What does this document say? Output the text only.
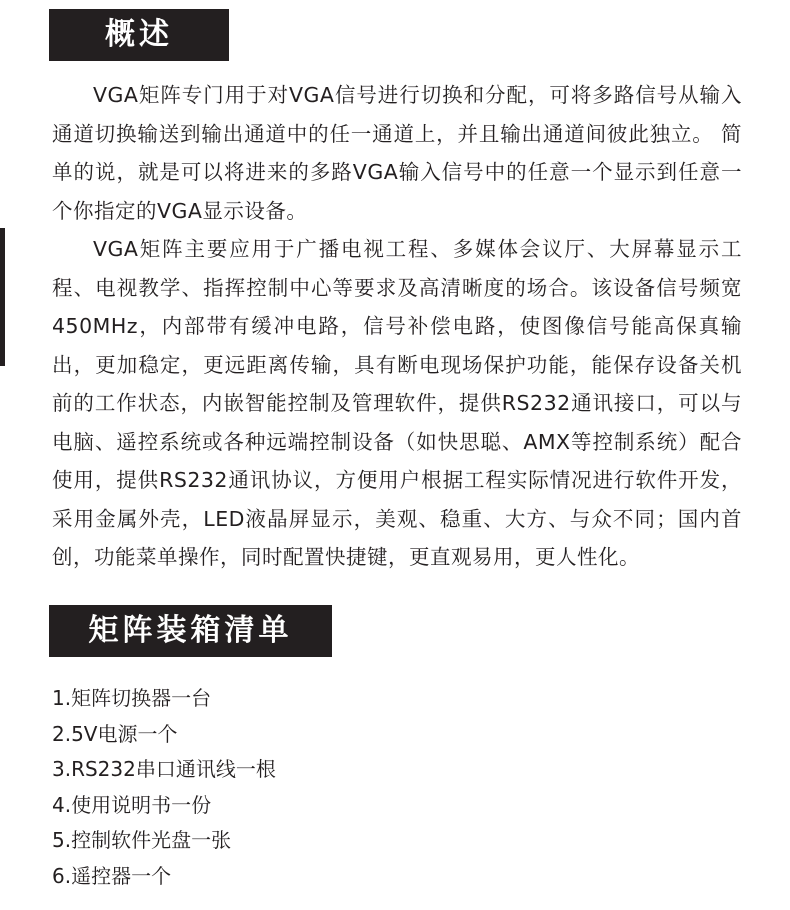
概述

VGA矩阵专门用于对VGA信号进行切换和分配，可将多路信号从输入通道切换输送到输出通道中的任一通道上，并且输出通道间彼此独立。 简单的说，就是可以将进来的多路VGA输入信号中的任意一个显示到任意一个你指定的VGA显示设备。

VGA矩阵主要应用于广播电视工程、多媒体会议厅、大屏幕显示工程、电视教学、指挥控制中心等要求及高清晰度的场合。该设备信号频宽450MHz，内部带有缓冲电路，信号补偿电路，使图像信号能高保真输出，更加稳定，更远距离传输，具有断电现场保护功能，能保存设备关机前的工作状态，内嵌智能控制及管理软件，提供RS232通讯接口，可以与电脑、遥控系统或各种远端控制设备（如快思聪、AMX等控制系统）配合使用，提供RS232通讯协议，方便用户根据工程实际情况进行软件开发，采用金属外壳，LED液晶屏显示，美观、稳重、大方、与众不同；国内首创，功能菜单操作，同时配置快捷键，更直观易用，更人性化。

矩阵装箱清单
1.矩阵切换器一台
2.5V电源一个
3.RS232串口通讯线一根
4.使用说明书一份
5.控制软件光盘一张
6.遥控器一个
